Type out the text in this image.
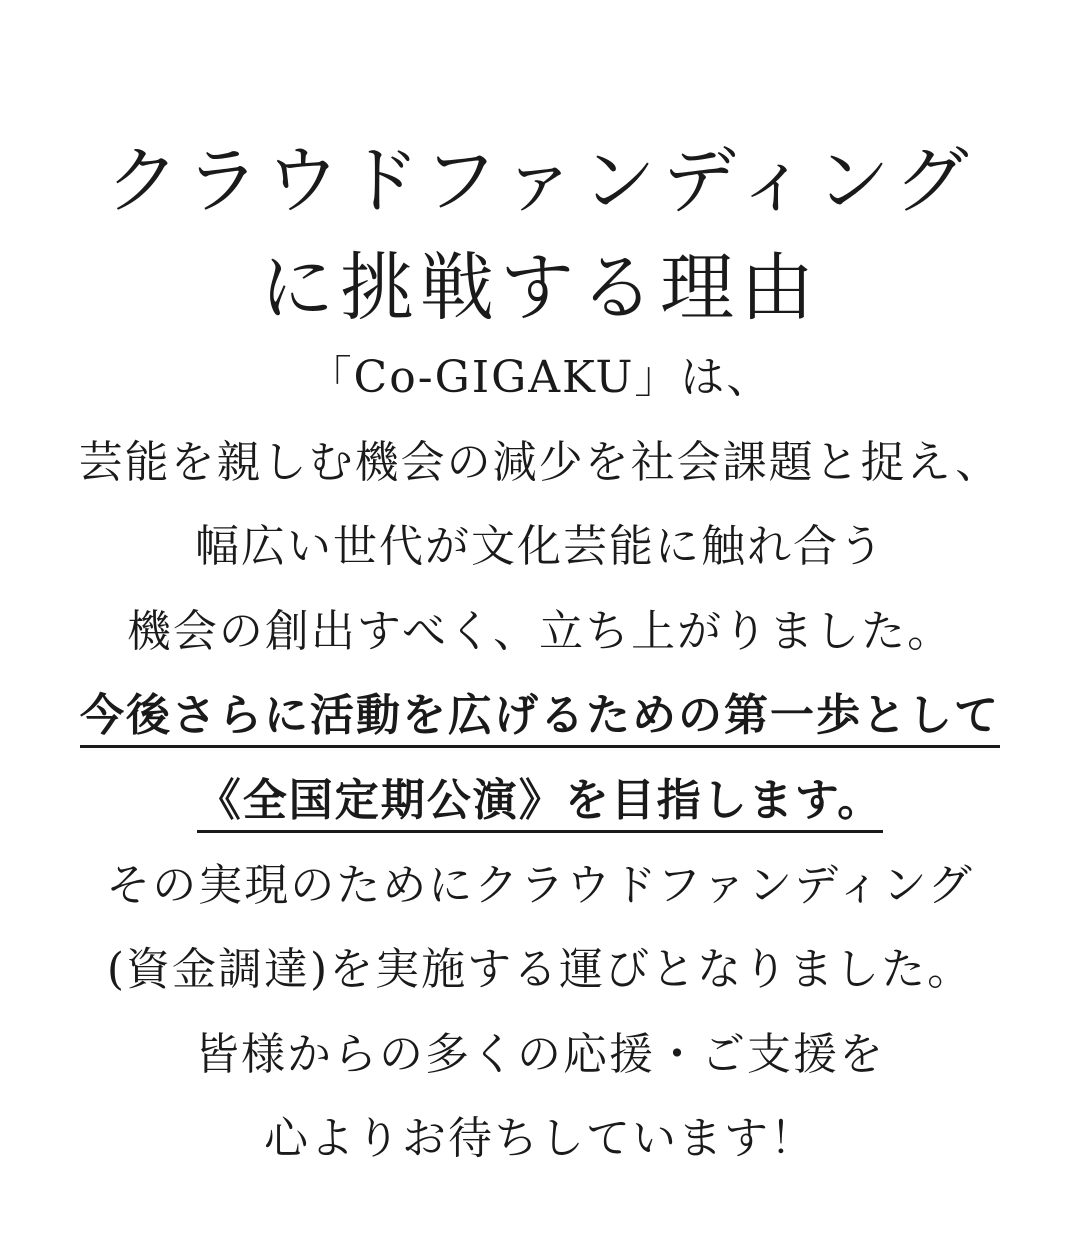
クラウドファンディング
に挑戦する理由
「Co-GIGAKU」は、
芸能を親しむ機会の減少を社会課題と捉え、
幅広い世代が文化芸能に触れ合う
機会の創出すべく、立ち上がりました。
今後さらに活動を広げるための第一歩として
《全国定期公演》を目指します。
その実現のためにクラウドファンディング
(資金調達)を実施する運びとなりました。
皆様からの多くの応援・ご支援を
心よりお待ちしています！
